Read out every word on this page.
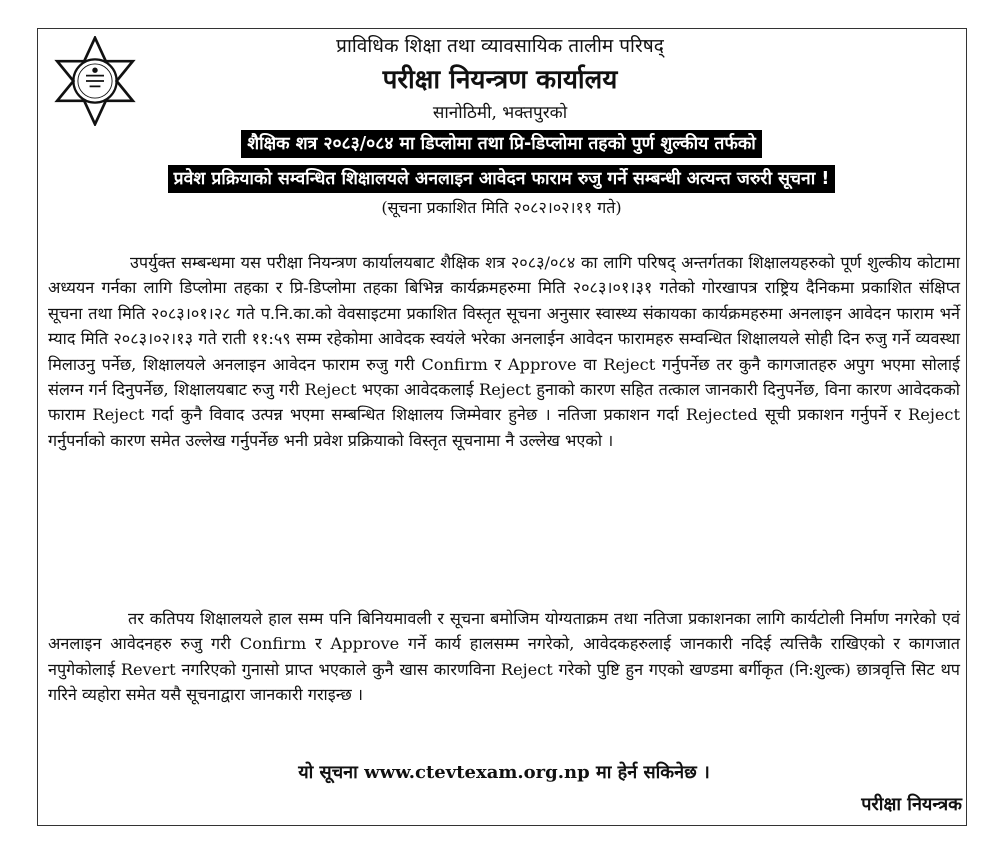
प्राविधिक शिक्षा तथा व्यावसायिक तालीम परिषद्
परीक्षा नियन्त्रण कार्यालय
सानोठिमी, भक्तपुरको
शैक्षिक शत्र २०८३/०८४ मा डिप्लोमा तथा प्रि-डिप्लोमा तहको पुर्ण शुल्कीय तर्फको
प्रवेश प्रक्रियाको सम्वन्धित शिक्षालयले अनलाइन आवेदन फाराम रुजु गर्ने सम्बन्धी अत्यन्त जरुरी सूचना !
(सूचना प्रकाशित मिति २०८२।०२।११ गते)
उपर्युक्त सम्बन्धमा यस परीक्षा नियन्त्रण कार्यालयबाट शैक्षिक शत्र २०८३/०८४ का लागि परिषद् अन्तर्गतका शिक्षालयहरुको पूर्ण शुल्कीय कोटामा अध्ययन गर्नका लागि डिप्लोमा तहका र प्रि-डिप्लोमा तहका बिभिन्न कार्यक्रमहरुमा मिति २०८३।०१।३१ गतेको गोरखापत्र राष्ट्रिय दैनिकमा प्रकाशित संक्षिप्त सूचना तथा मिति २०८३।०१।२८ गते प.नि.का.को वेवसाइटमा प्रकाशित विस्तृत सूचना अनुसार स्वास्थ्य संकायका कार्यक्रमहरुमा अनलाइन आवेदन फाराम भर्ने म्याद मिति २०८३।०२।१३ गते राती ११:५९ सम्म रहेकोमा आवेदक स्वयंले भरेका अनलाईन आवेदन फारामहरु सम्वन्धित शिक्षालयले सोही दिन रुजु गर्ने व्यवस्था मिलाउनु पर्नेछ, शिक्षालयले अनलाइन आवेदन फाराम रुजु गरी Confirm र Approve वा Reject गर्नुपर्नेछ तर कुनै कागजातहरु अपुग भएमा सोलाई संलग्न गर्न दिनुपर्नेछ, शिक्षालयबाट रुजु गरी Reject भएका आवेदकलाई Reject हुनाको कारण सहित तत्काल जानकारी दिनुपर्नेछ, विना कारण आवेदकको फाराम Reject गर्दा कुनै विवाद उत्पन्न भएमा सम्बन्धित शिक्षालय जिम्मेवार हुनेछ । नतिजा प्रकाशन गर्दा Rejected सूची प्रकाशन गर्नुपर्ने र Reject गर्नुपर्नाको कारण समेत उल्लेख गर्नुपर्नेछ भनी प्रवेश प्रक्रियाको विस्तृत सूचनामा नै उल्लेख भएको ।
तर कतिपय शिक्षालयले हाल सम्म पनि बिनियमावली र सूचना बमोजिम योग्यताक्रम तथा नतिजा प्रकाशनका लागि कार्यटोली निर्माण नगरेको एवं अनलाइन आवेदनहरु रुजु गरी Confirm र Approve गर्ने कार्य हालसम्म नगरेको, आवेदकहरुलाई जानकारी नदिई त्यत्तिकै राखिएको र कागजात नपुगेकोलाई Revert नगरिएको गुनासो प्राप्त भएकाले कुनै खास कारणविना Reject गरेको पुष्टि हुन गएको खण्डमा बर्गीकृत (नि:शुल्क) छात्रवृत्ति सिट थप गरिने व्यहोरा समेत यसै सूचनाद्वारा जानकारी गराइन्छ ।
यो सूचना www.ctevtexam.org.np मा हेर्न सकिनेछ ।
परीक्षा नियन्त्रक
